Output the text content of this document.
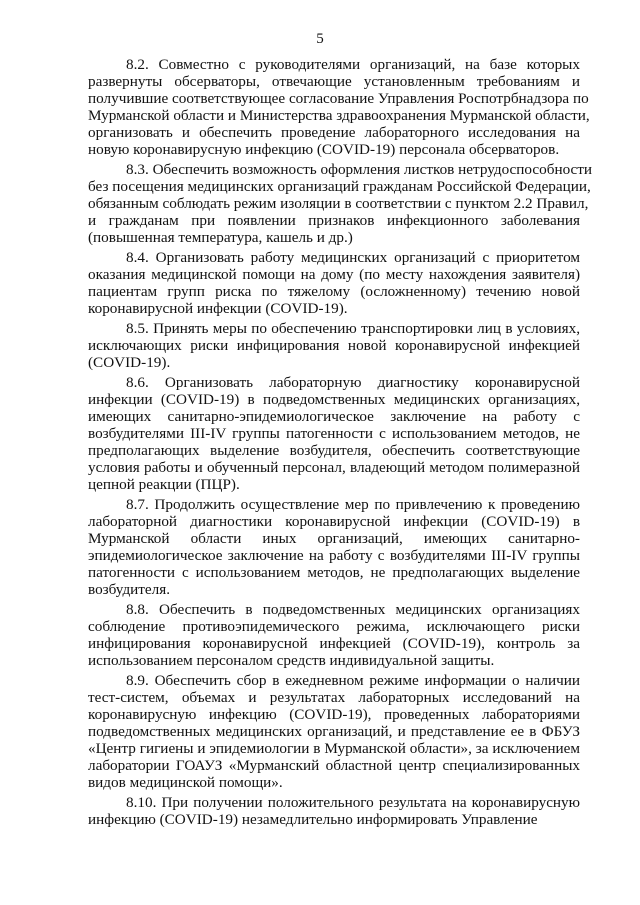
5

8.2. Совместно с руководителями организаций, на базе которых
развернуты обсерваторы, отвечающие установленным требованиям и
получившие соответствующее согласование Управления Роспотрбнадзора по
Мурманской области и Министерства здравоохранения Мурманской области,
организовать и обеспечить проведение лабораторного исследования на
новую коронавирусную инфекцию (COVID-19) персонала обсерваторов.

8.3. Обеспечить возможность оформления листков нетрудоспособности
без посещения медицинских организаций гражданам Российской Федерации,
обязанным соблюдать режим изоляции в соответствии с пунктом 2.2 Правил,
и гражданам при появлении признаков инфекционного заболевания
(повышенная температура, кашель и др.)

8.4. Организовать работу медицинских организаций с приоритетом
оказания медицинской помощи на дому (по месту нахождения заявителя)
пациентам групп риска по тяжелому (осложненному) течению новой
коронавирусной инфекции (COVID-19).

8.5. Принять меры по обеспечению транспортировки лиц в условиях,
исключающих риски инфицирования новой коронавирусной инфекцией
(COVID-19).

8.6. Организовать лабораторную диагностику коронавирусной
инфекции (COVID-19) в подведомственных медицинских организациях,
имеющих санитарно-эпидемиологическое заключение на работу с
возбудителями III-IV группы патогенности с использованием методов, не
предполагающих выделение возбудителя, обеспечить соответствующие
условия работы и обученный персонал, владеющий методом полимеразной
цепной реакции (ПЦР).

8.7. Продолжить осуществление мер по привлечению к проведению
лабораторной диагностики коронавирусной инфекции (COVID-19) в
Мурманской области иных организаций, имеющих санитарно-
эпидемиологическое заключение на работу с возбудителями III-IV группы
патогенности с использованием методов, не предполагающих выделение
возбудителя.

8.8. Обеспечить в подведомственных медицинских организациях
соблюдение противоэпидемического режима, исключающего риски
инфицирования коронавирусной инфекцией (COVID-19), контроль за
использованием персоналом средств индивидуальной защиты.

8.9. Обеспечить сбор в ежедневном режиме информации о наличии
тест-систем, объемах и результатах лабораторных исследований на
коронавирусную инфекцию (COVID-19), проведенных лабораториями
подведомственных медицинских организаций, и представление ее в ФБУЗ
«Центр гигиены и эпидемиологии в Мурманской области», за исключением
лаборатории ГОАУЗ «Мурманский областной центр специализированных
видов медицинской помощи».

8.10. При получении положительного результата на коронавирусную
инфекцию (COVID-19) незамедлительно информировать Управление
